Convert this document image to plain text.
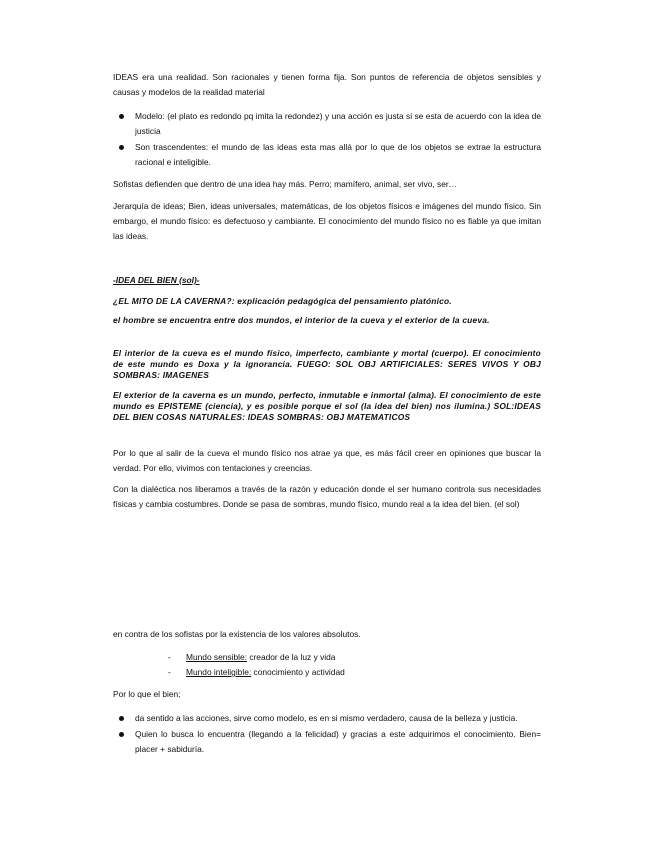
IDEAS era una realidad. Son racionales y tienen forma fija. Son puntos de referencia de objetos sensibles y causas y modelos de la realidad material

Modelo: (el plato es redondo pq imita la redondez) y una acción es justa si se esta de acuerdo con la idea de justicia
Son trascendentes: el mundo de las ideas esta mas allá por lo que de los objetos se extrae la estructura racional e inteligible.

Sofistas defienden que dentro de una idea hay más. Perro; mamífero, animal, ser vivo, ser…

Jerarquía de ideas; Bien, ideas universales, matemáticas, de los objetos físicos e imágenes del mundo físico. Sin embargo, el mundo físico: es defectuoso y cambiante. El conocimiento del mundo físico no es fiable ya que imitan las ideas.

-IDEA DEL BIEN (sol)-

¿EL MITO DE LA CAVERNA?: explicación pedagógica del pensamiento platónico.

el hombre se encuentra entre dos mundos, el interior de la cueva y el exterior de la cueva.

El interior de la cueva es el mundo físico, imperfecto, cambiante y mortal (cuerpo). El conocimiento de este mundo es Doxa y la ignorancia. FUEGO: SOL OBJ ARTIFICIALES: SERES VIVOS Y OBJ SOMBRAS: IMAGENES

El exterior de la caverna es un mundo, perfecto, inmutable e inmortal (alma). El conocimiento de este mundo es EPISTEME (ciencia), y es posible porque el sol (la idea del bien) nos ilumina.) SOL:IDEAS DEL BIEN COSAS NATURALES: IDEAS SOMBRAS: OBJ MATEMATICOS

Por lo que al salir de la cueva el mundo físico nos atrae ya que, es más fácil creer en opiniones que buscar la verdad. Por ello, vivimos con tentaciones y creencias.

Con la dialéctica nos liberamos a través de la razón y educación donde el ser humano controla sus necesidades físicas y cambia costumbres. Donde se pasa de sombras, mundo físico, mundo real a la idea del bien. (el sol)

en contra de los sofistas por la existencia de los valores absolutos.

- Mundo sensible: creador de la luz y vida
- Mundo inteligible: conocimiento y actividad

Por lo que el bien;

da sentido a las acciones, sirve como modelo, es en si mismo verdadero, causa de la belleza y justicia.
Quien lo busca lo encuentra (llegando a la felicidad) y gracias a este adquirimos el conocimiento. Bien= placer + sabiduría.
